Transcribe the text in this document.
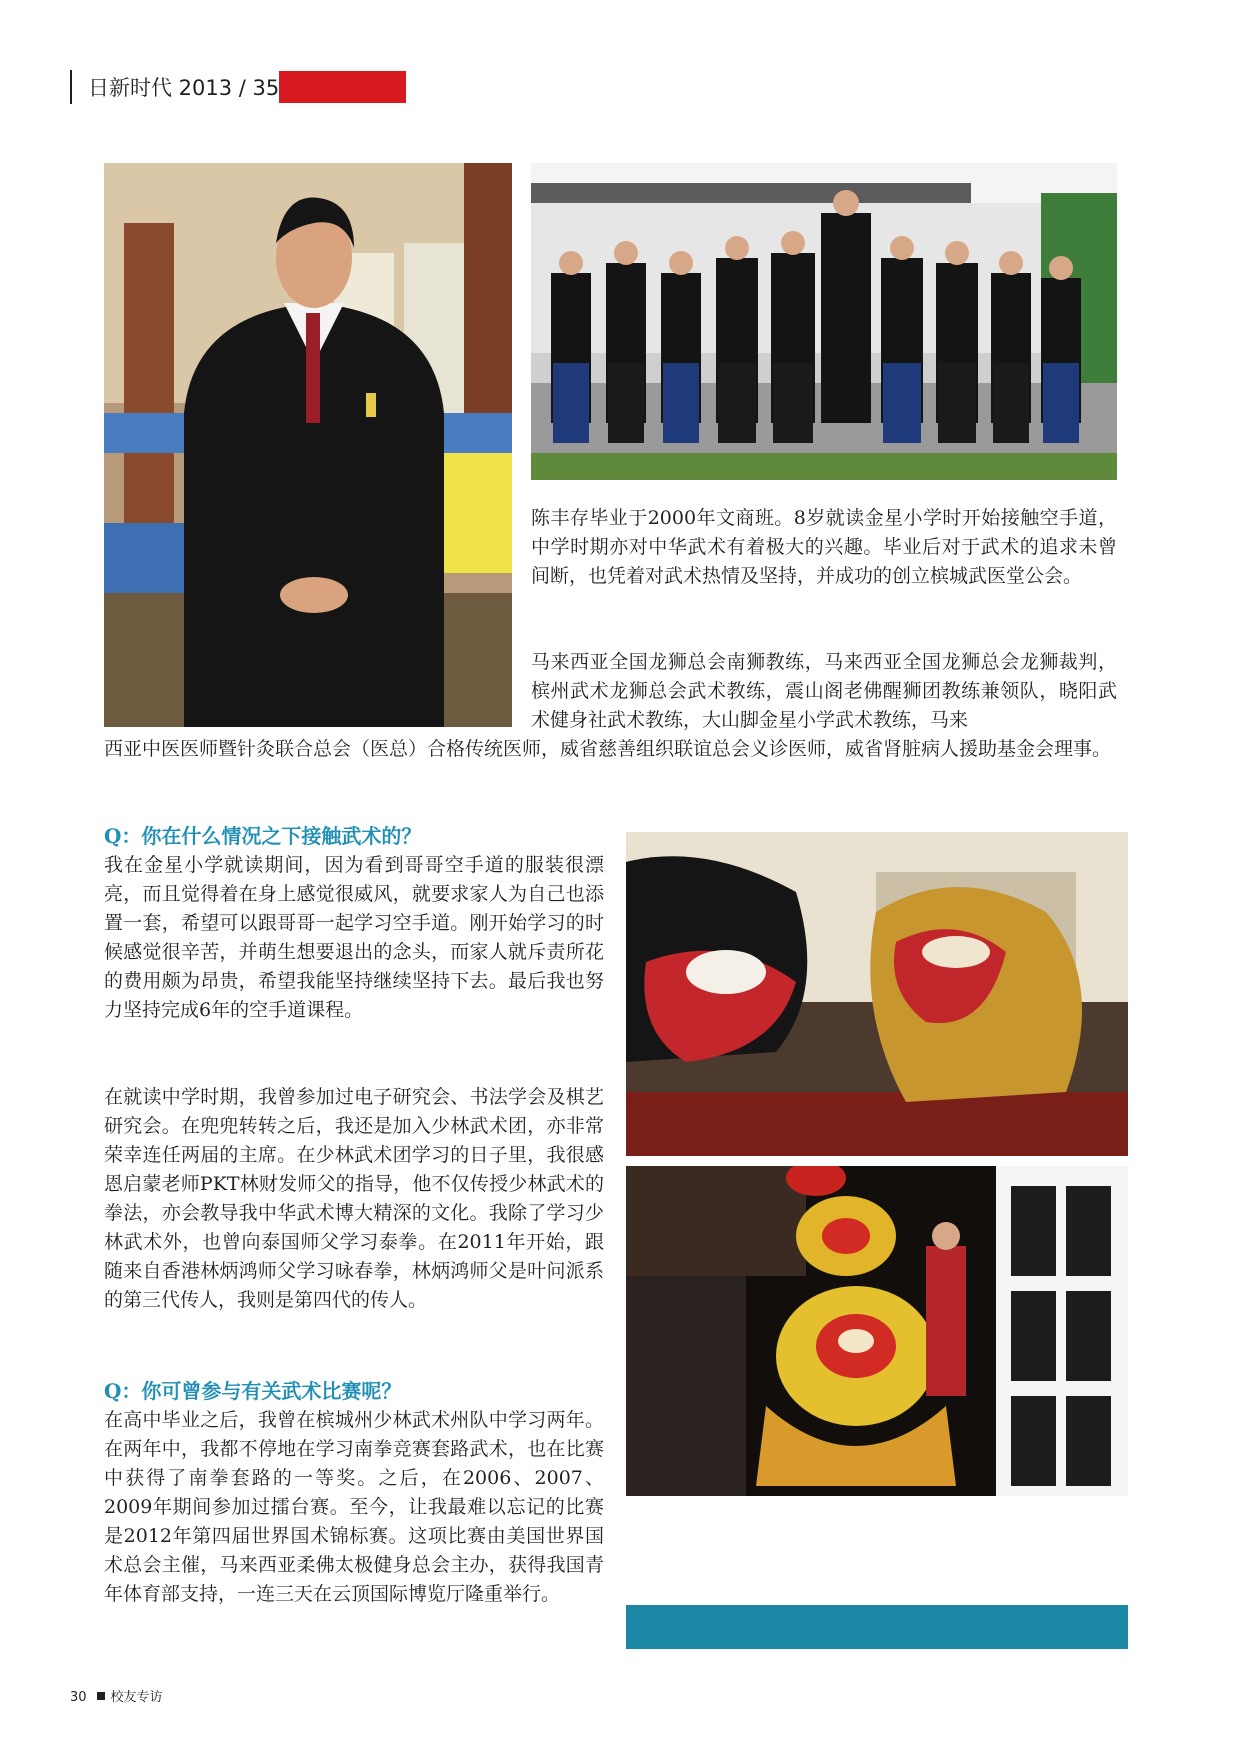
日新时代 2013 / 35

陈丰存毕业于2000年文商班。8岁就读金星小学时开始接触空手道，中学时期亦对中华武术有着极大的兴趣。毕业后对于武术的追求未曾间断，也凭着对武术热情及坚持，并成功的创立槟城武医堂公会。

马来西亚全国龙狮总会南狮教练，马来西亚全国龙狮总会龙狮裁判，槟州武术龙狮总会武术教练，震山阁老佛醒狮团教练兼领队，晓阳武术健身社武术教练，大山脚金星小学武术教练，马来

西亚中医医师暨针灸联合总会（医总）合格传统医师，威省慈善组织联谊总会义诊医师，威省肾脏病人援助基金会理事。

Q：你在什么情况之下接触武术的？

我在金星小学就读期间，因为看到哥哥空手道的服装很漂亮，而且觉得着在身上感觉很威风，就要求家人为自己也添置一套，希望可以跟哥哥一起学习空手道。刚开始学习的时候感觉很辛苦，并萌生想要退出的念头，而家人就斥责所花的费用颇为昂贵，希望我能坚持继续坚持下去。最后我也努力坚持完成6年的空手道课程。

在就读中学时期，我曾参加过电子研究会、书法学会及棋艺研究会。在兜兜转转之后，我还是加入少林武术团，亦非常荣幸连任两届的主席。在少林武术团学习的日子里，我很感恩启蒙老师PKT林财发师父的指导，他不仅传授少林武术的拳法，亦会教导我中华武术博大精深的文化。我除了学习少林武术外，也曾向泰国师父学习泰拳。在2011年开始，跟随来自香港林炳鸿师父学习咏春拳，林炳鸿师父是叶问派系的第三代传人，我则是第四代的传人。

Q：你可曾参与有关武术比赛呢？

在高中毕业之后，我曾在槟城州少林武术州队中学习两年。在两年中，我都不停地在学习南拳竞赛套路武术，也在比赛中获得了南拳套路的一等奖。之后，在2006、2007、2009年期间参加过擂台赛。至今，让我最难以忘记的比赛是2012年第四届世界国术锦标赛。这项比赛由美国世界国术总会主催，马来西亚柔佛太极健身总会主办，获得我国青年体育部支持，一连三天在云顶国际博览厅隆重举行。

30 校友专访
